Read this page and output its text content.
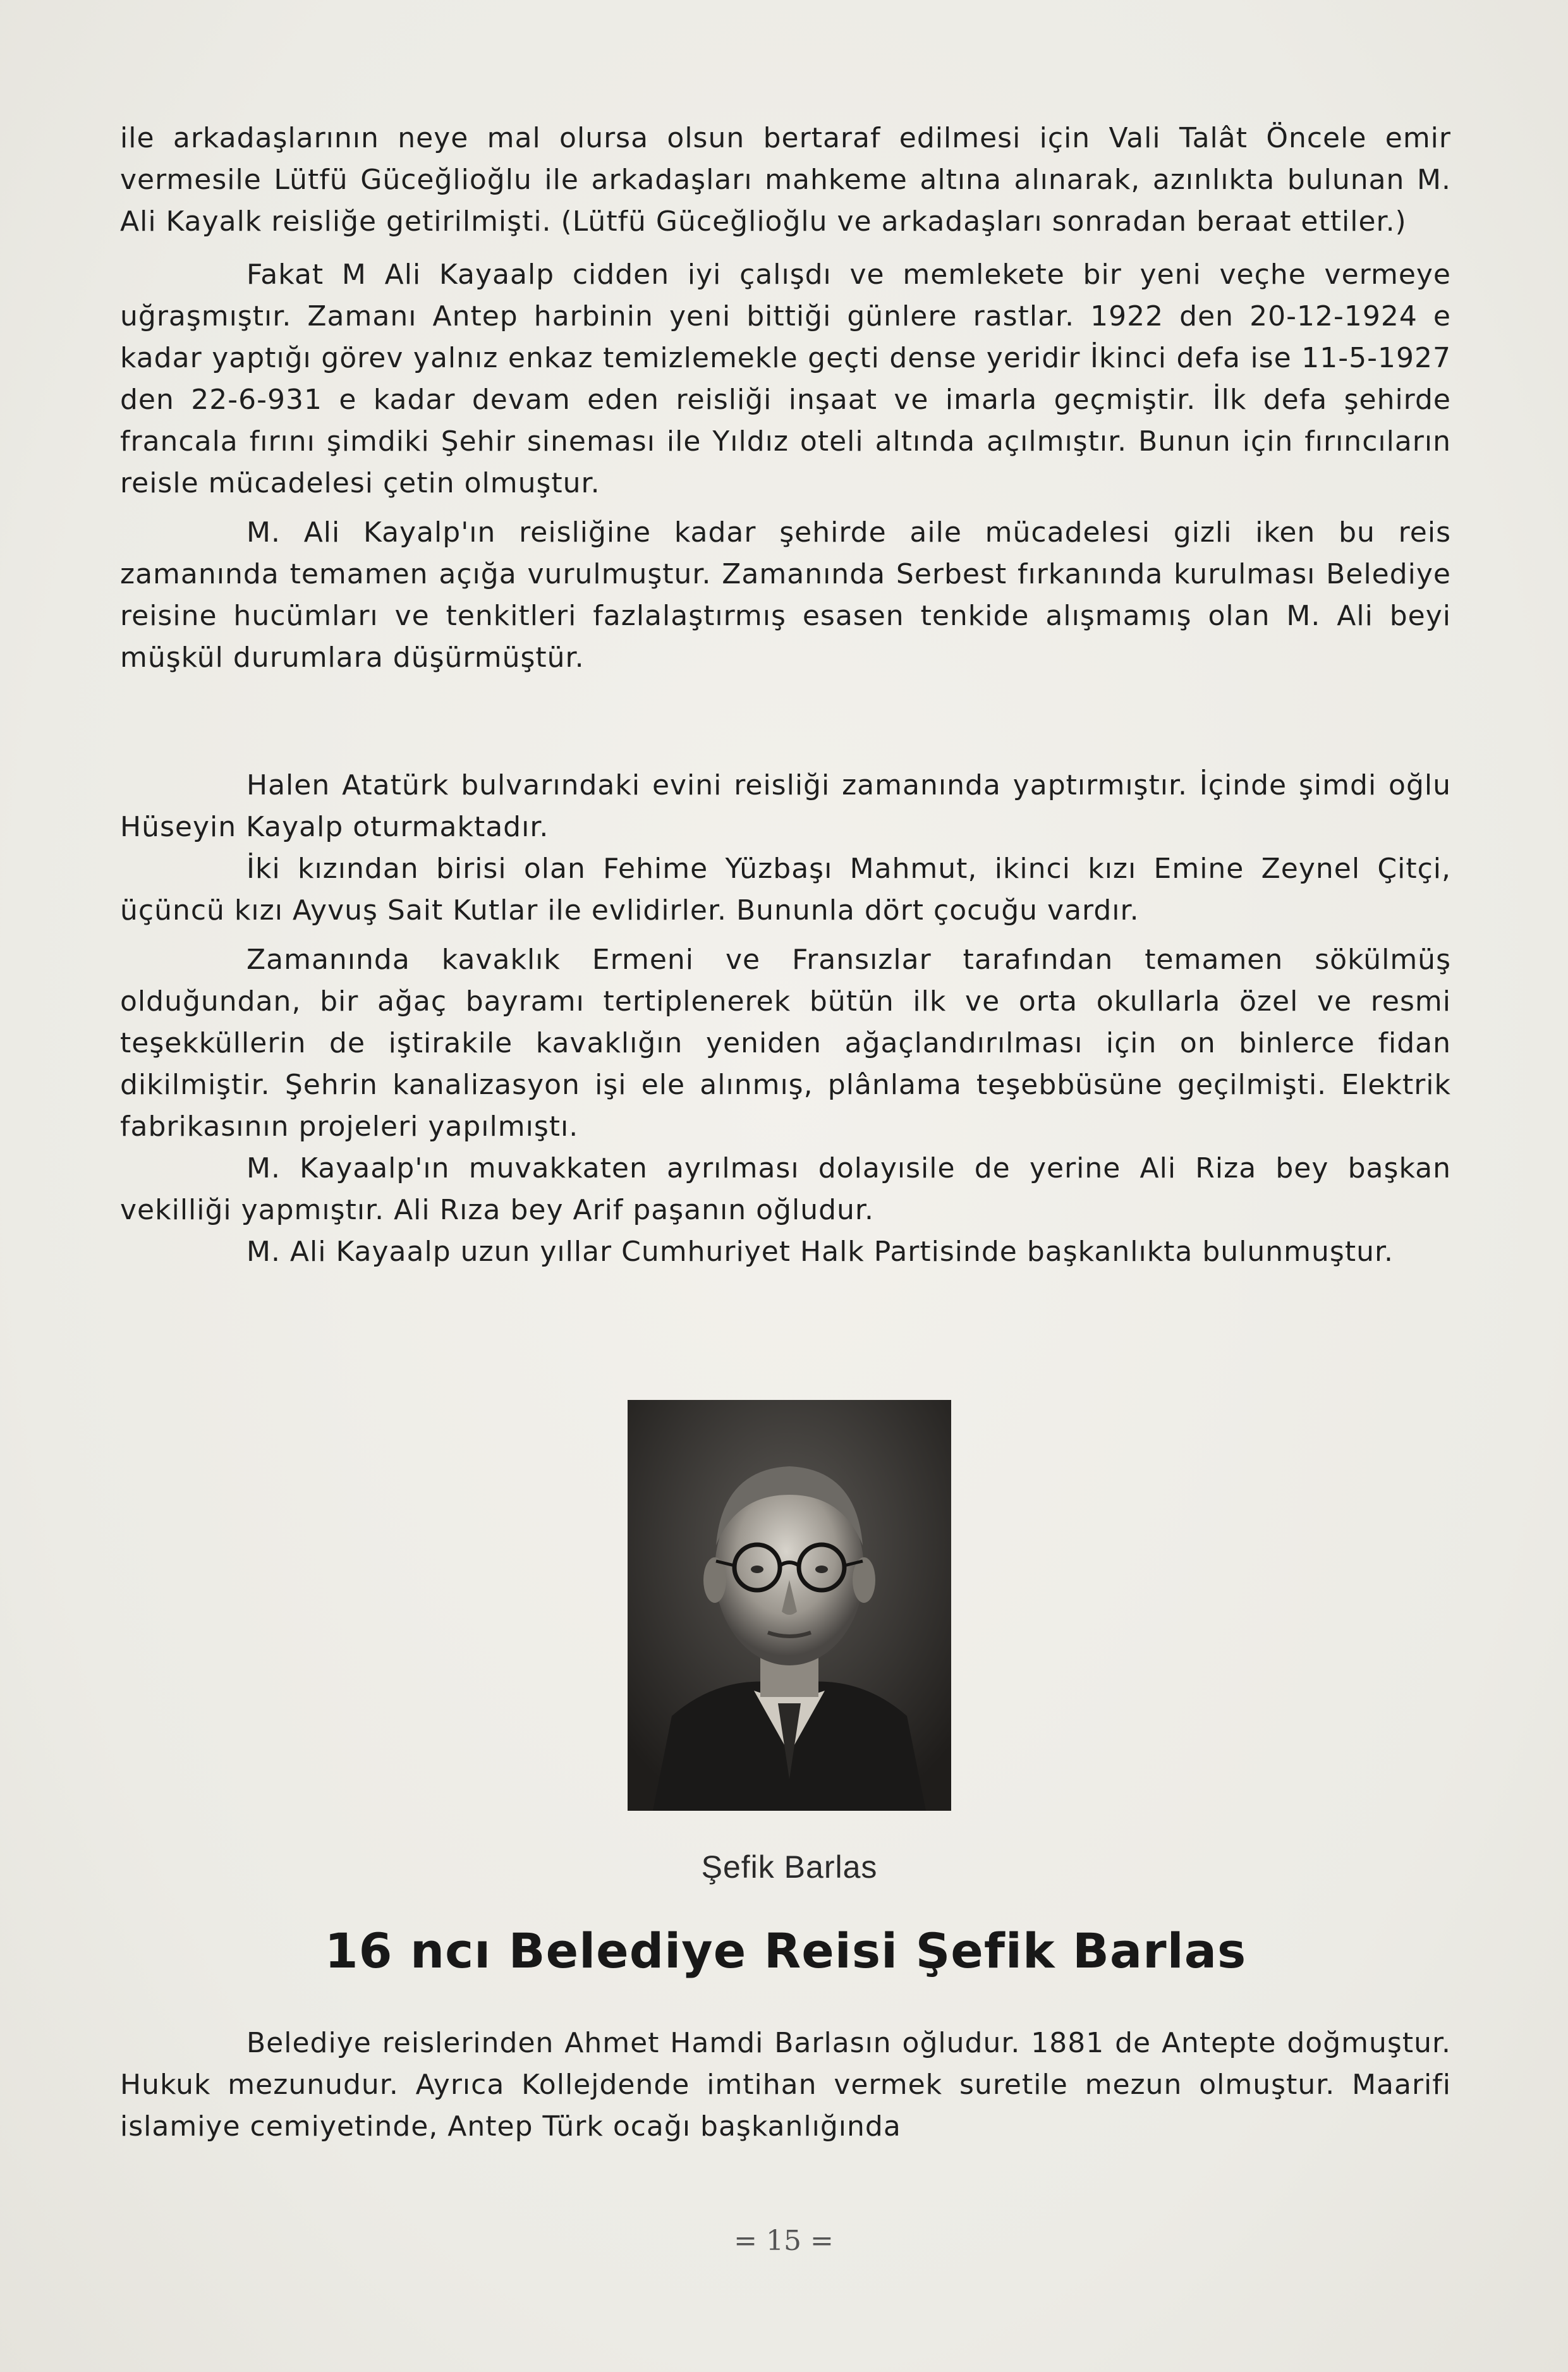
ile arkadaşlarının neye mal olursa olsun bertaraf edilmesi için Vali Talât Öncele emir vermesile Lütfü Güceğlioğlu ile arkadaşları mahkeme altına alınarak, azınlıkta bulunan M. Ali Kayalk reisliğe getirilmişti. (Lütfü Güceğlioğlu ve arkadaşları sonradan beraat ettiler.)

Fakat M Ali Kayaalp cidden iyi çalışdı ve memlekete bir yeni veçhe vermeye uğraşmıştır. Zamanı Antep harbinin yeni bittiği günlere rastlar. 1922 den 20-12-1924 e kadar yaptığı görev yalnız enkaz temizlemekle geçti dense yeridir İkinci defa ise 11-5-1927 den 22-6-931 e kadar devam eden reisliği inşaat ve imarla geçmiştir. İlk defa şehirde francala fırını şimdiki Şehir sineması ile Yıldız oteli altında açılmıştır. Bunun için fırıncıların reisle mücadelesi çetin olmuştur.

M. Ali Kayalp'ın reisliğine kadar şehirde aile mücadelesi gizli iken bu reis zamanında temamen açığa vurulmuştur. Zamanında Serbest fırkanında kurulması Belediye reisine hucümları ve tenkitleri fazlalaştırmış esasen tenkide alışmamış olan M. Ali beyi müşkül durumlara düşürmüştür.

Halen Atatürk bulvarındaki evini reisliği zamanında yaptırmıştır. İçinde şimdi oğlu Hüseyin Kayalp oturmaktadır.

İki kızından birisi olan Fehime Yüzbaşı Mahmut, ikinci kızı Emine Zeynel Çitçi, üçüncü kızı Ayvuş Sait Kutlar ile evlidirler. Bununla dört çocuğu vardır.

Zamanında kavaklık Ermeni ve Fransızlar tarafından temamen sökülmüş olduğundan, bir ağaç bayramı tertiplenerek bütün ilk ve orta okullarla özel ve resmi teşekküllerin de iştirakile kavaklığın yeniden ağaçlandırılması için on binlerce fidan dikilmiştir. Şehrin kanalizasyon işi ele alınmış, plânlama teşebbüsüne geçilmişti. Elektrik fabrikasının projeleri yapılmıştı.

M. Kayaalp'ın muvakkaten ayrılması dolayısile de yerine Ali Riza bey başkan vekilliği yapmıştır. Ali Rıza bey Arif paşanın oğludur.

M. Ali Kayaalp uzun yıllar Cumhuriyet Halk Partisinde başkanlıkta bulunmuştur.

Şefik Barlas
16 ncı Belediye Reisi Şefik Barlas

Belediye reislerinden Ahmet Hamdi Barlasın oğludur. 1881 de Antepte doğmuştur. Hukuk mezunudur. Ayrıca Kollejdende imtihan vermek suretile mezun olmuştur. Maarifi islamiye cemiyetinde, Antep Türk ocağı başkanlığında

= 15 =
